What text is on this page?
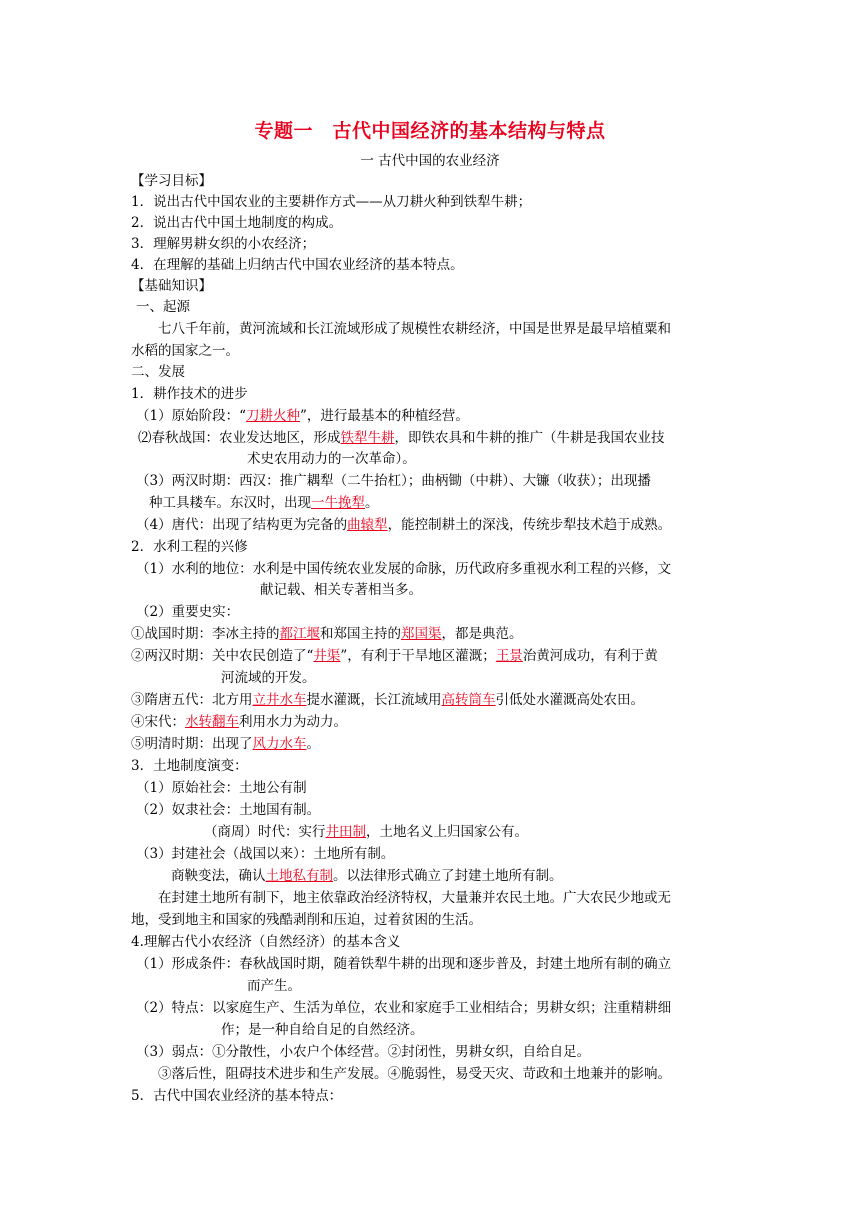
专题一　古代中国经济的基本结构与特点
一 古代中国的农业经济
【学习目标】
1．说出古代中国农业的主要耕作方式——从刀耕火种到铁犁牛耕；
2．说出古代中国土地制度的构成。
3．理解男耕女织的小农经济；
4．在理解的基础上归纳古代中国农业经济的基本特点。
【基础知识】
一、起源
七八千年前，黄河流域和长江流域形成了规模性农耕经济，中国是世界是最早培植粟和
水稻的国家之一。
二、发展
1．耕作技术的进步
（1）原始阶段：“刀耕火种”，进行最基本的种植经营。
⑵春秋战国：农业发达地区，形成铁犁牛耕，即铁农具和牛耕的推广（牛耕是我国农业技
术史农用动力的一次革命）。
（3）两汉时期：西汉：推广耦犁（二牛抬杠）；曲柄锄（中耕）、大镰（收获）；出现播
种工具耧车。东汉时，出现一牛挽犁。
（4）唐代：出现了结构更为完备的曲辕犁，能控制耕土的深浅，传统步犁技术趋于成熟。
2．水利工程的兴修
（1）水利的地位：水利是中国传统农业发展的命脉，历代政府多重视水利工程的兴修，文
献记载、相关专著相当多。
（2）重要史实：
①战国时期：李冰主持的都江堰和郑国主持的郑国渠，都是典范。
②两汉时期：关中农民创造了“井渠”，有利于干旱地区灌溉；王景治黄河成功，有利于黄
河流域的开发。
③隋唐五代：北方用立井水车提水灌溉，长江流域用高转筒车引低处水灌溉高处农田。
④宋代：水转翻车利用水力为动力。
⑤明清时期：出现了风力水车。
3．土地制度演变：
（1）原始社会：土地公有制
（2）奴隶社会：土地国有制。
（商周）时代：实行井田制，土地名义上归国家公有。
（3）封建社会（战国以来）：土地所有制。
商鞅变法，确认土地私有制。以法律形式确立了封建土地所有制。
在封建土地所有制下，地主依靠政治经济特权，大量兼并农民土地。广大农民少地或无
地，受到地主和国家的残酷剥削和压迫，过着贫困的生活。
4.理解古代小农经济（自然经济）的基本含义
（1）形成条件：春秋战国时期，随着铁犁牛耕的出现和逐步普及，封建土地所有制的确立
而产生。
（2）特点：以家庭生产、生活为单位，农业和家庭手工业相结合；男耕女织；注重精耕细
作；是一种自给自足的自然经济。
（3）弱点：①分散性，小农户个体经营。②封闭性，男耕女织，自给自足。
③落后性，阻碍技术进步和生产发展。④脆弱性，易受天灾、苛政和土地兼并的影响。
5．古代中国农业经济的基本特点：
